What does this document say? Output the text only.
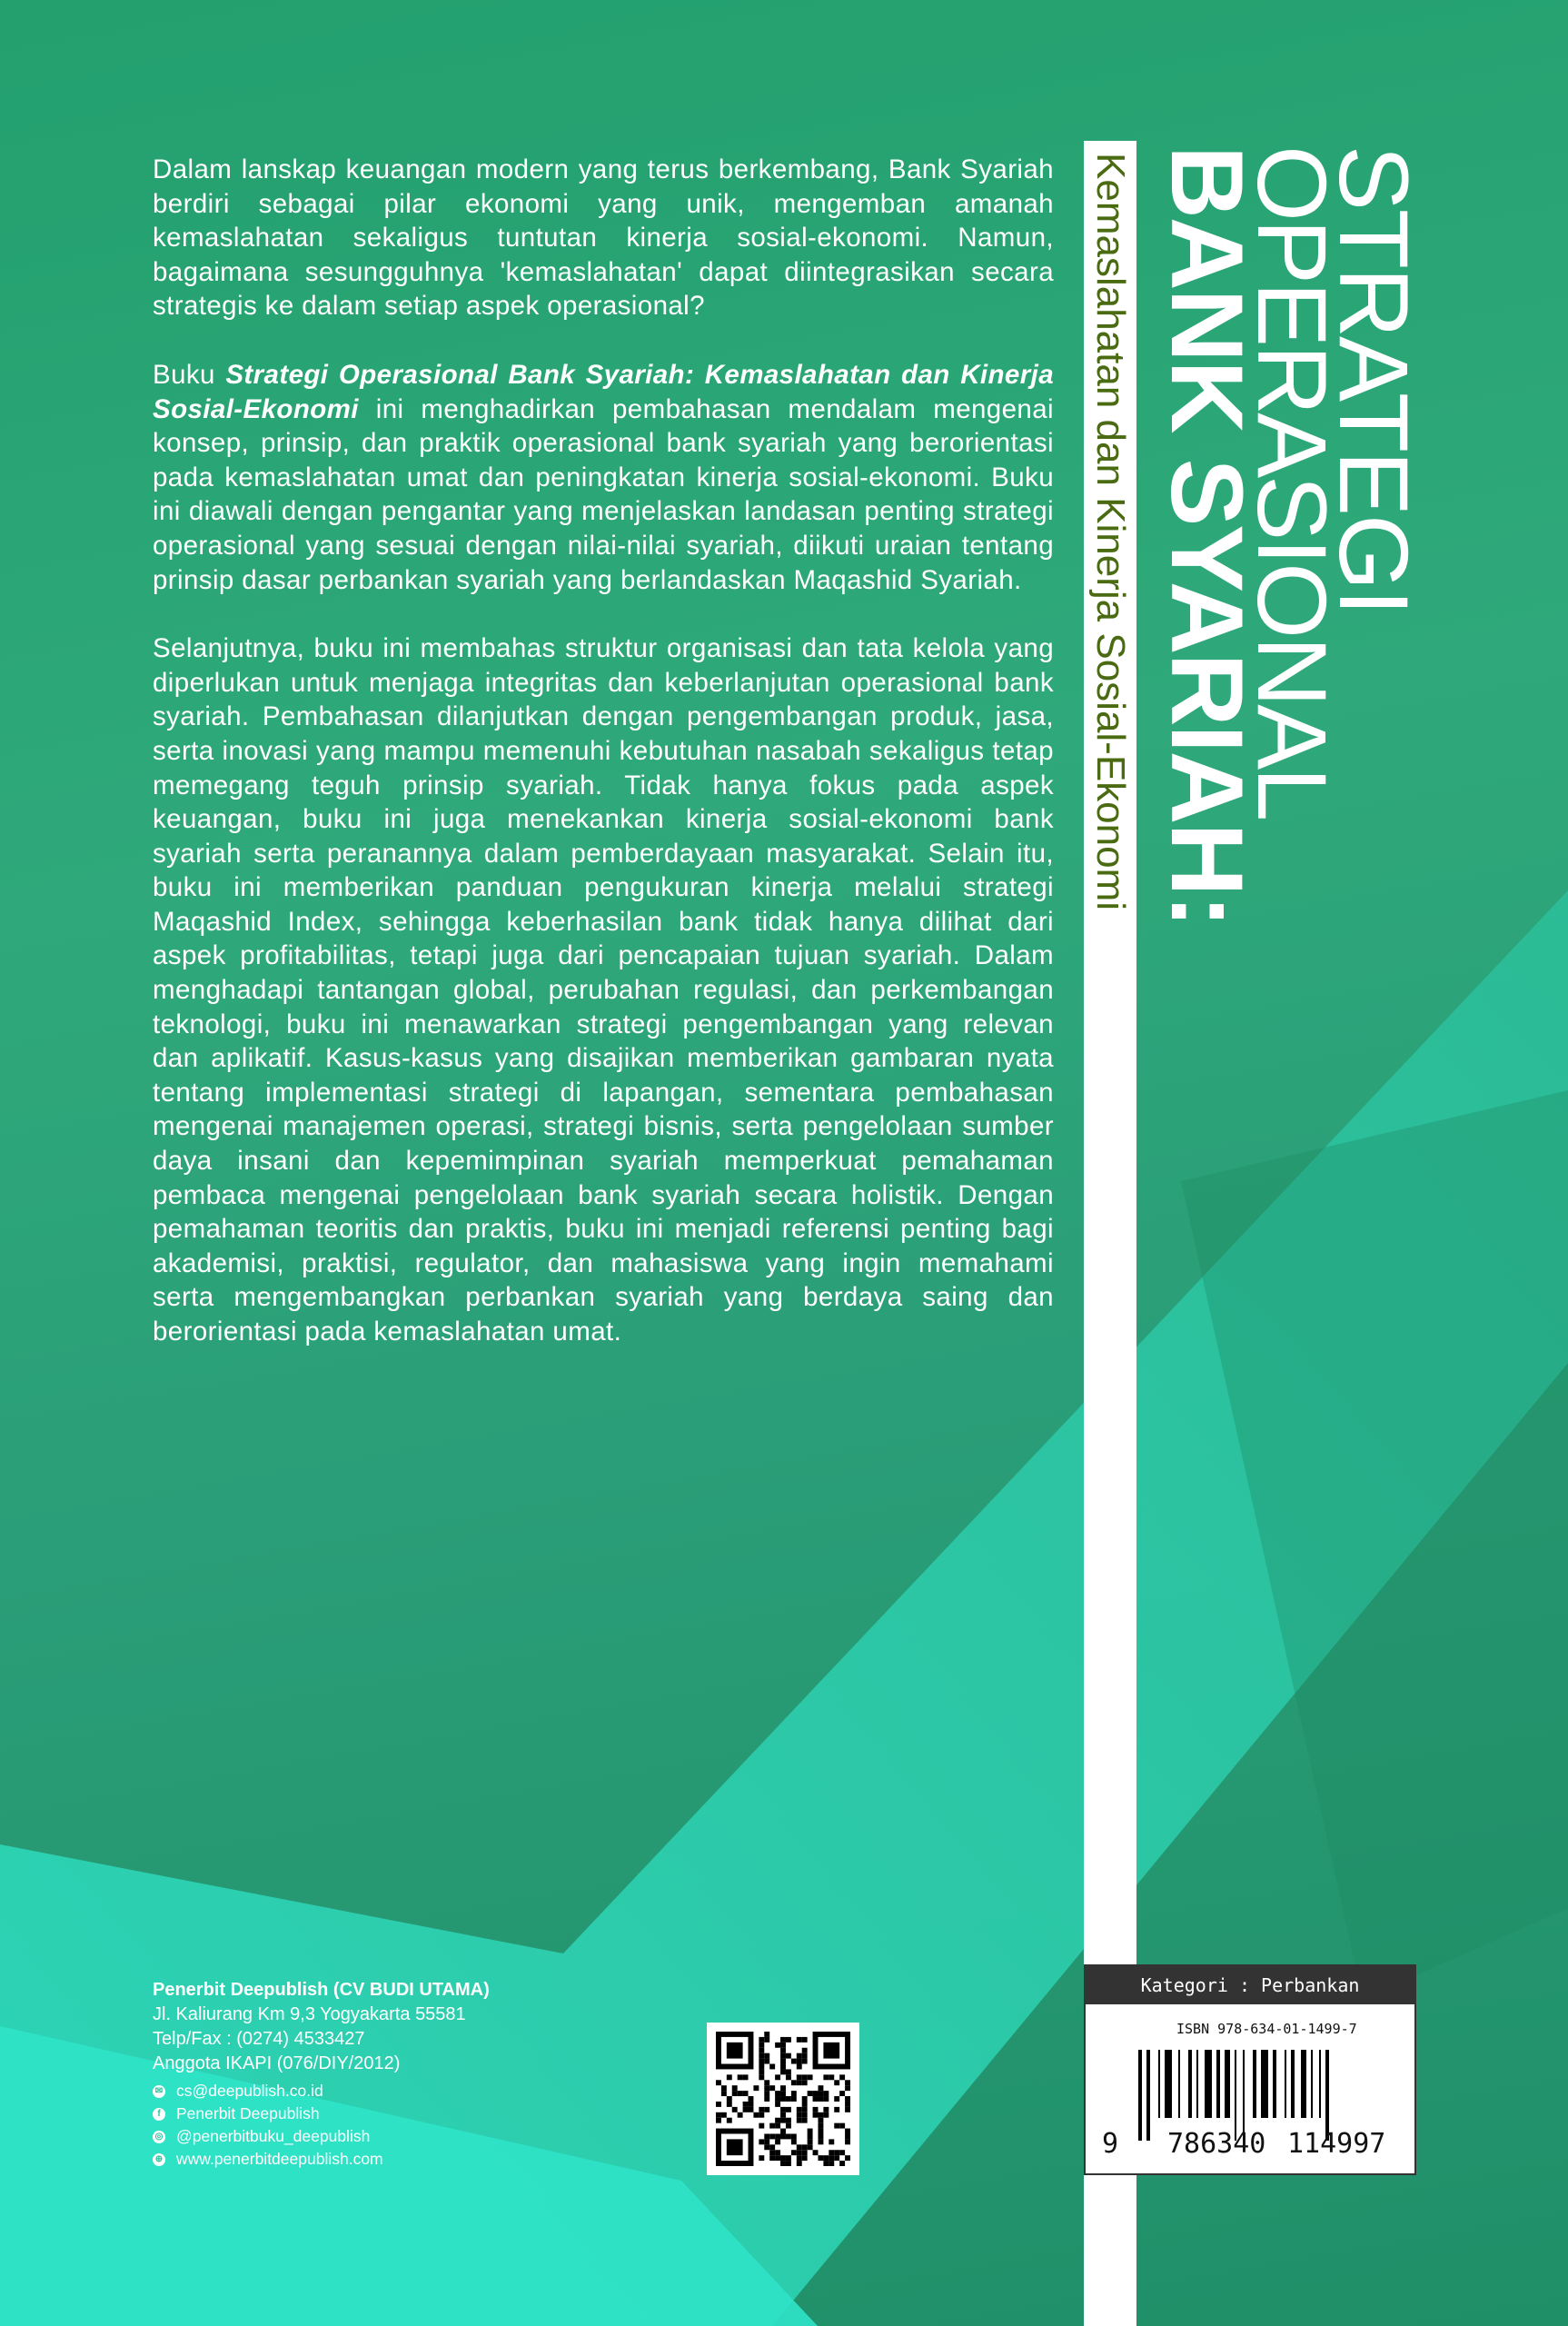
Dalam lanskap keuangan modern yang terus berkembang, Bank Syariah berdiri sebagai pilar ekonomi yang unik, mengemban amanah kemaslahatan sekaligus tuntutan kinerja sosial-ekonomi. Namun, bagaimana sesungguhnya 'kemaslahatan' dapat diintegrasikan secara strategis ke dalam setiap aspek operasional?

Buku Strategi Operasional Bank Syariah: Kemaslahatan dan Kinerja Sosial-Ekonomi ini menghadirkan pembahasan mendalam mengenai konsep, prinsip, dan praktik operasional bank syariah yang berorientasi pada kemaslahatan umat dan peningkatan kinerja sosial-ekonomi. Buku ini diawali dengan pengantar yang menjelaskan landasan penting strategi operasional yang sesuai dengan nilai-nilai syariah, diikuti uraian tentang prinsip dasar perbankan syariah yang berlandaskan Maqashid Syariah.

Selanjutnya, buku ini membahas struktur organisasi dan tata kelola yang diperlukan untuk menjaga integritas dan keberlanjutan operasional bank syariah. Pembahasan dilanjutkan dengan pengembangan produk, jasa, serta inovasi yang mampu memenuhi kebutuhan nasabah sekaligus tetap memegang teguh prinsip syariah. Tidak hanya fokus pada aspek keuangan, buku ini juga menekankan kinerja sosial-ekonomi bank syariah serta peranannya dalam pemberdayaan masyarakat. Selain itu, buku ini memberikan panduan pengukuran kinerja melalui strategi Maqashid Index, sehingga keberhasilan bank tidak hanya dilihat dari aspek profitabilitas, tetapi juga dari pencapaian tujuan syariah. Dalam menghadapi tantangan global, perubahan regulasi, dan perkembangan teknologi, buku ini menawarkan strategi pengembangan yang relevan dan aplikatif. Kasus-kasus yang disajikan memberikan gambaran nyata tentang implementasi strategi di lapangan, sementara pembahasan mengenai manajemen operasi, strategi bisnis, serta pengelolaan sumber daya insani dan kepemimpinan syariah memperkuat pemahaman pembaca mengenai pengelolaan bank syariah secara holistik. Dengan pemahaman teoritis dan praktis, buku ini menjadi referensi penting bagi akademisi, praktisi, regulator, dan mahasiswa yang ingin memahami serta mengembangkan perbankan syariah yang berdaya saing dan berorientasi pada kemaslahatan umat.

Kemaslahatan dan Kinerja Sosial-Ekonomi STRATEGI
OPERASIONAL
BANK SYARIAH:
Penerbit Deepublish (CV BUDI UTAMA)
Jl. Kaliurang Km 9,3 Yogyakarta 55581
Telp/Fax : (0274) 4533427
Anggota IKAPI (076/DIY/2012)
✉ cs@deepublish.co.id
f Penerbit Deepublish
◎ @penerbitbuku_deepublish
⊕ www.penerbitdeepublish.com
Kategori : Perbankan
ISBN 978-634-01-1499-7
9 786340 114997
